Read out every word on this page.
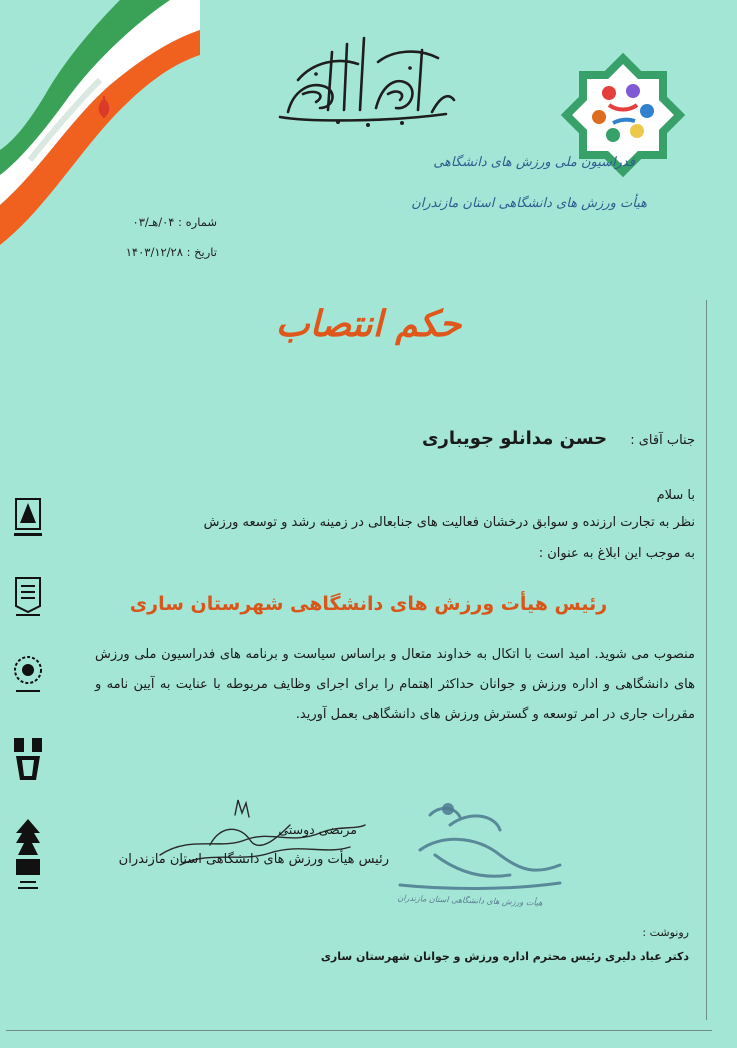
فدراسیون ملی ورزش های دانشگاهی
هیأت ورزش های دانشگاهی استان مازندران
شماره : ۰۴/هـ/۰۳
تاریخ : ۱۴۰۳/۱۲/۲۸
حکم انتصاب
جناب آقای : حسن مدانلو جویباری
با سلام
نظر به تجارت ارزنده و سوابق درخشان فعالیت های جنابعالی در زمینه رشد و توسعه ورزش
به موجب این ابلاغ به عنوان :
رئیس هیأت ورزش های دانشگاهی شهرستان ساری
منصوب می شوید. امید است با اتکال به خداوند متعال و براساس سیاست و برنامه های فدراسیون ملی ورزش های دانشگاهی و اداره ورزش و جوانان حداکثر اهتمام را برای اجرای وظایف مربوطه با عنایت به آیین نامه و مقررات جاری در امر توسعه و گسترش ورزش های دانشگاهی بعمل آورید.
هیأت ورزش های دانشگاهی استان مازندران
مرتضی دوستی
رئیس هیأت ورزش های دانشگاهی استان مازندران
رونوشت :
دکتر عباد دلیری رئیس محترم اداره ورزش و جوانان شهرستان ساری
